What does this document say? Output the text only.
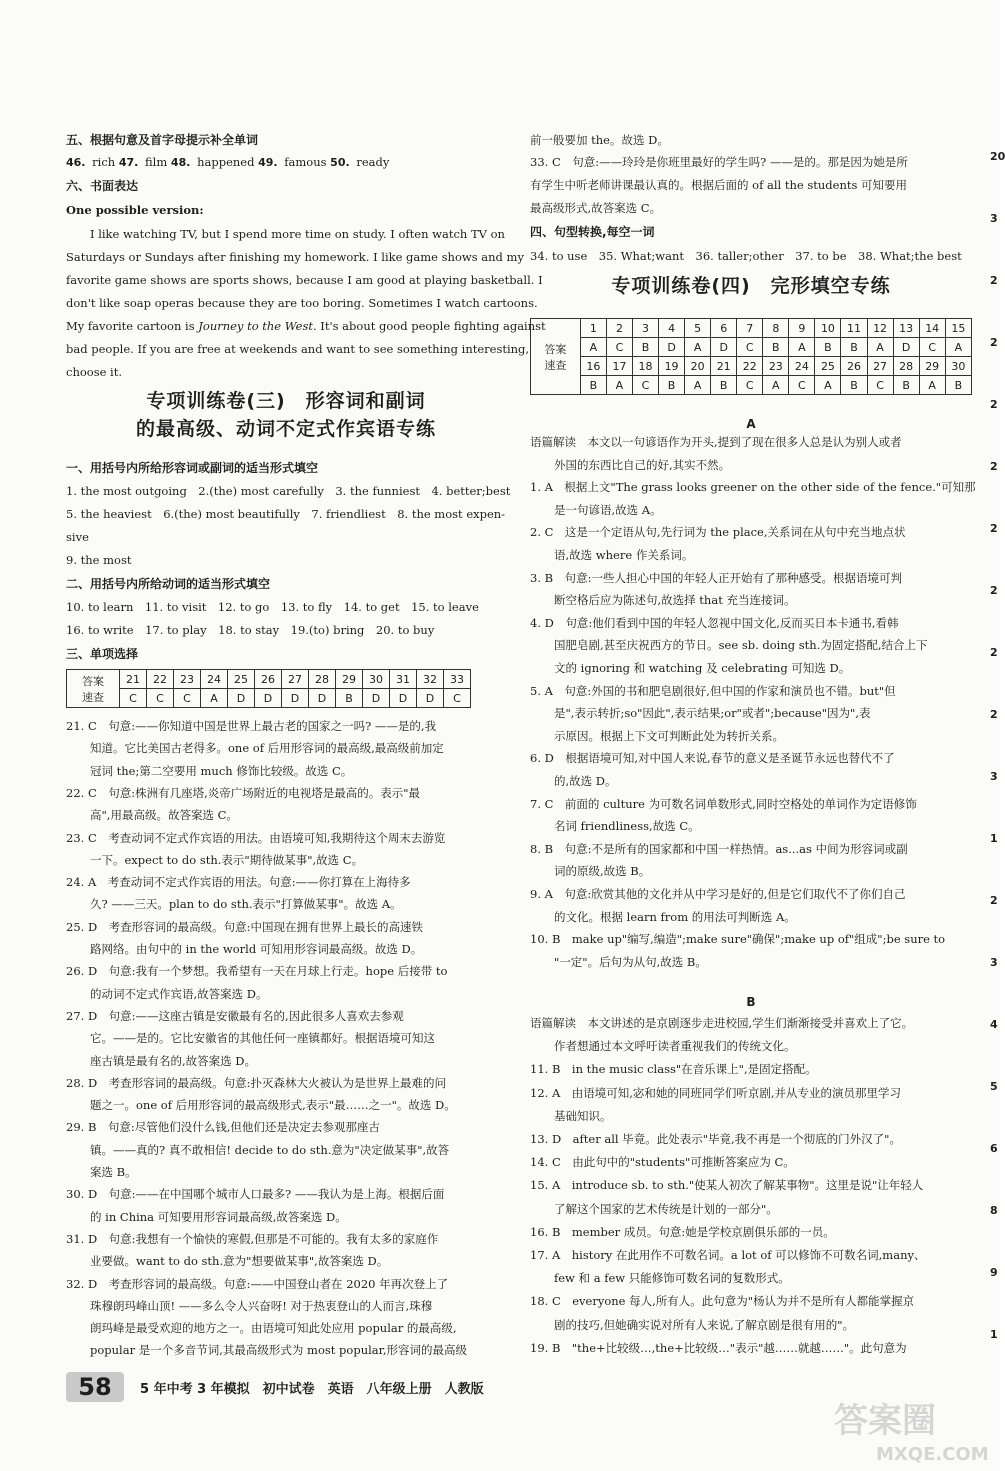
五、根据句意及首字母提示补全单词
46. rich 47. film 48. happened 49. famous 50. ready
六、书面表达
One possible version:
I like watching TV, but I spend more time on study. I often watch TV on
Saturdays or Sundays after finishing my homework. I like game shows and my
favorite game shows are sports shows, because I am good at playing basketball. I
don't like soap operas because they are too boring. Sometimes I watch cartoons.
My favorite cartoon is Journey to the West. It's about good people fighting against
bad people. If you are free at weekends and want to see something interesting,
choose it.
专项训练卷(三)　形容词和副词
的最高级、动词不定式作宾语专练
一、用括号内所给形容词或副词的适当形式填空
1. the most outgoing　2.(the) most carefully　3. the funniest　4. better;best
5. the heaviest　6.(the) most beautifully　7. friendliest　8. the most expen-
sive
9. the most
二、用括号内所给动词的适当形式填空
10. to learn　11. to visit　12. to go　13. to fly　14. to get　15. to leave
16. to write　17. to play　18. to stay　19.(to) bring　20. to buy
三、单项选择
答案
速查	21	22	23	24	25	26	27	28	29	30	31	32	33
	C	C	C	A	D	D	D	D	B	D	D	D	C
21. C　句意:——你知道中国是世界上最古老的国家之一吗? ——是的,我
知道。它比美国古老得多。one of 后用形容词的最高级,最高级前加定
冠词 the;第二空要用 much 修饰比较级。故选 C。
22. C　句意:株洲有几座塔,炎帝广场附近的电视塔是最高的。表示"最
高",用最高级。故答案选 C。
23. C　考查动词不定式作宾语的用法。由语境可知,我期待这个周末去游览
一下。expect to do sth.表示"期待做某事",故选 C。
24. A　考查动词不定式作宾语的用法。句意:——你打算在上海待多
久? ——三天。plan to do sth.表示"打算做某事"。故选 A。
25. D　考查形容词的最高级。句意:中国现在拥有世界上最长的高速铁
路网络。由句中的 in the world 可知用形容词最高级。故选 D。
26. D　句意:我有一个梦想。我希望有一天在月球上行走。hope 后接带 to
的动词不定式作宾语,故答案选 D。
27. D　句意:——这座古镇是安徽最有名的,因此很多人喜欢去参观
它。——是的。它比安徽省的其他任何一座镇都好。根据语境可知这
座古镇是最有名的,故答案选 D。
28. D　考查形容词的最高级。句意:扑灭森林大火被认为是世界上最难的问
题之一。one of 后用形容词的最高级形式,表示"最……之一"。故选 D。
29. B　句意:尽管他们没什么钱,但他们还是决定去参观那座古
镇。——真的? 真不敢相信! decide to do sth.意为"决定做某事",故答
案选 B。
30. D　句意:——在中国哪个城市人口最多? ——我认为是上海。根据后面
的 in China 可知要用形容词最高级,故答案选 D。
31. D　句意:我想有一个愉快的寒假,但那是不可能的。我有太多的家庭作
业要做。want to do sth.意为"想要做某事",故答案选 D。
32. D　考查形容词的最高级。句意:——中国登山者在 2020 年再次登上了
珠穆朗玛峰山顶! ——多么令人兴奋呀! 对于热衷登山的人而言,珠穆
朗玛峰是最受欢迎的地方之一。由语境可知此处应用 popular 的最高级,
popular 是一个多音节词,其最高级形式为 most popular,形容词的最高级
前一般要加 the。故选 D。
33. C　句意:——玲玲是你班里最好的学生吗? ——是的。那是因为她是所
有学生中听老师讲课最认真的。根据后面的 of all the students 可知要用
最高级形式,故答案选 C。
四、句型转换,每空一词
34. to use　35. What;want　36. taller;other　37. to be　38. What;the best
专项训练卷(四)　完形填空专练
答案
速查	1	2	3	4	5	6	7	8	9	10	11	12	13	14	15
	A	C	B	D	A	D	C	B	A	B	B	A	D	C	A
	16	17	18	19	20	21	22	23	24	25	26	27	28	29	30
	B	A	C	B	A	B	C	A	C	A	B	C	B	A	B
A
语篇解读　本文以一句谚语作为开头,提到了现在很多人总是认为别人或者
外国的东西比自己的好,其实不然。
1. A　根据上文"The grass looks greener on the other side of the fence."可知那
是一句谚语,故选 A。
2. C　这是一个定语从句,先行词为 the place,关系词在从句中充当地点状
语,故选 where 作关系词。
3. B　句意:一些人担心中国的年轻人正开始有了那种感受。根据语境可判
断空格后应为陈述句,故选择 that 充当连接词。
4. D　句意:他们看到中国的年轻人忽视中国文化,反而买日本卡通书,看韩
国肥皂剧,甚至庆祝西方的节日。see sb. doing sth.为固定搭配,结合上下
文的 ignoring 和 watching 及 celebrating 可知选 D。
5. A　句意:外国的书和肥皂剧很好,但中国的作家和演员也不错。but"但
是",表示转折;so"因此",表示结果;or"或者";because"因为",表
示原因。根据上下文可判断此处为转折关系。
6. D　根据语境可知,对中国人来说,春节的意义是圣诞节永远也替代不了
的,故选 D。
7. C　前面的 culture 为可数名词单数形式,同时空格处的单词作为定语修饰
名词 friendliness,故选 C。
8. B　句意:不是所有的国家都和中国一样热情。as...as 中间为形容词或副
词的原级,故选 B。
9. A　句意:欣赏其他的文化并从中学习是好的,但是它们取代不了你们自己
的文化。根据 learn from 的用法可判断选 A。
10. B　make up"编写,编造";make sure"确保";make up of"组成";be sure to
"一定"。后句为从句,故选 B。
B
语篇解读　本文讲述的是京剧逐步走进校园,学生们渐渐接受并喜欢上了它。
作者想通过本文呼吁读者重视我们的传统文化。
11. B　in the music class"在音乐课上",是固定搭配。
12. A　由语境可知,宓和她的同班同学们听京剧,并从专业的演员那里学习
基础知识。
13. D　after all 毕竟。此处表示"毕竟,我不再是一个彻底的门外汉了"。
14. C　由此句中的"students"可推断答案应为 C。
15. A　introduce sb. to sth."使某人初次了解某事物"。这里是说"让年轻人
了解这个国家的艺术传统是计划的一部分"。
16. B　member 成员。句意:她是学校京剧俱乐部的一员。
17. A　history 在此用作不可数名词。a lot of 可以修饰不可数名词,many、
few 和 a few 只能修饰可数名词的复数形式。
18. C　everyone 每人,所有人。此句意为"杨认为并不是所有人都能掌握京
剧的技巧,但她确实说对所有人来说,了解京剧是很有用的"。
19. B　"the+比较级…,the+比较级…"表示"越……就越……"。此句意为
58	5 年中考 3 年模拟　初中试卷　英语　八年级上册　人教版
答案圈
MXQE.COM
20
3
2
2
2
2
2
2
2
2
3
1
2
3
4
5
6
8
9
1
